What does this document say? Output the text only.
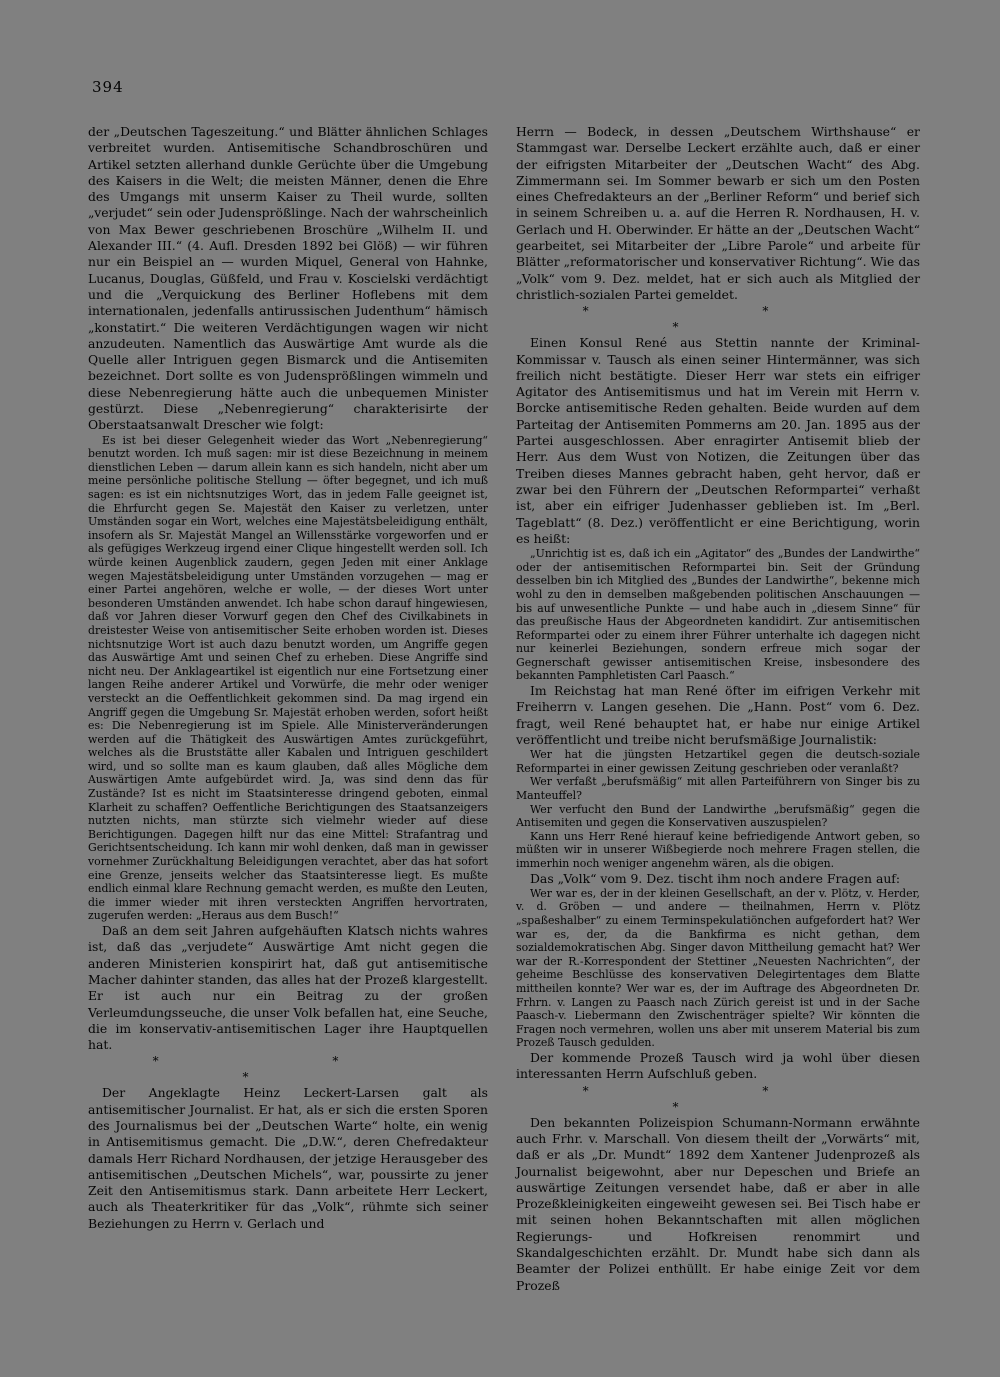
394

der „Deutschen Tageszeitung.“ und Blätter ähnlichen Schlages verbreitet wurden. Antisemitische Schandbroschüren und Artikel setzten allerhand dunkle Gerüchte über die Umgebung des Kaisers in die Welt; die meisten Männer, denen die Ehre des Umgangs mit unserm Kaiser zu Theil wurde, sollten „verjudet“ sein oder Judensprößlinge. Nach der wahrscheinlich von Max Bewer geschriebenen Broschüre „Wilhelm II. und Alexander III.“ (4. Aufl. Dresden 1892 bei Glöß) — wir führen nur ein Beispiel an — wurden Miquel, General von Hahnke, Lucanus, Douglas, Güßfeld, und Frau v. Koscielski verdächtigt und die „Verquickung des Berliner Hoflebens mit dem internationalen, jedenfalls antirussischen Judenthum“ hämisch „konstatirt.“ Die weiteren Verdächtigungen wagen wir nicht anzudeuten. Namentlich das Auswärtige Amt wurde als die Quelle aller Intriguen gegen Bismarck und die Antisemiten bezeichnet. Dort sollte es von Judensprößlingen wimmeln und diese Nebenregierung hätte auch die unbequemen Minister gestürzt. Diese „Nebenregierung“ charakterisirte der Oberstaatsanwalt Drescher wie folgt:

Es ist bei dieser Gelegenheit wieder das Wort „Nebenregierung“ benutzt worden. Ich muß sagen: mir ist diese Bezeichnung in meinem dienstlichen Leben — darum allein kann es sich handeln, nicht aber um meine persönliche politische Stellung — öfter begegnet, und ich muß sagen: es ist ein nichtsnutziges Wort, das in jedem Falle geeignet ist, die Ehrfurcht gegen Se. Majestät den Kaiser zu verletzen, unter Umständen sogar ein Wort, welches eine Majestätsbeleidigung enthält, insofern als Sr. Majestät Mangel an Willensstärke vorgeworfen und er als gefügiges Werkzeug irgend einer Clique hingestellt werden soll. Ich würde keinen Augenblick zaudern, gegen Jeden mit einer Anklage wegen Majestätsbeleidigung unter Umständen vorzugehen — mag er einer Partei angehören, welche er wolle, — der dieses Wort unter besonderen Umständen anwendet. Ich habe schon darauf hingewiesen, daß vor Jahren dieser Vorwurf gegen den Chef des Civilkabinets in dreistester Weise von antisemitischer Seite erhoben worden ist. Dieses nichtsnutzige Wort ist auch dazu benutzt worden, um Angriffe gegen das Auswärtige Amt und seinen Chef zu erheben. Diese Angriffe sind nicht neu. Der Anklageartikel ist eigentlich nur eine Fortsetzung einer langen Reihe anderer Artikel und Vorwürfe, die mehr oder weniger versteckt an die Oeffentlichkeit gekommen sind. Da mag irgend ein Angriff gegen die Umgebung Sr. Majestät erhoben werden, sofort heißt es: Die Nebenregierung ist im Spiele. Alle Ministerveränderungen werden auf die Thätigkeit des Auswärtigen Amtes zurückgeführt, welches als die Bruststätte aller Kabalen und Intriguen geschildert wird, und so sollte man es kaum glauben, daß alles Mögliche dem Auswärtigen Amte aufgebürdet wird. Ja, was sind denn das für Zustände? Ist es nicht im Staatsinteresse dringend geboten, einmal Klarheit zu schaffen? Oeffentliche Berichtigungen des Staatsanzeigers nutzten nichts, man stürzte sich vielmehr wieder auf diese Berichtigungen. Dagegen hilft nur das eine Mittel: Strafantrag und Gerichtsentscheidung. Ich kann mir wohl denken, daß man in gewisser vornehmer Zurückhaltung Beleidigungen verachtet, aber das hat sofort eine Grenze, jenseits welcher das Staatsinteresse liegt. Es mußte endlich einmal klare Rechnung gemacht werden, es mußte den Leuten, die immer wieder mit ihren versteckten Angriffen hervortraten, zugerufen werden: „Heraus aus dem Busch!“

Daß an dem seit Jahren aufgehäuften Klatsch nichts wahres ist, daß das „verjudete“ Auswärtige Amt nicht gegen die anderen Ministerien konspirirt hat, daß gut antisemitische Macher dahinter standen, das alles hat der Prozeß klargestellt. Er ist auch nur ein Beitrag zu der großen Verleumdungsseuche, die unser Volk befallen hat, eine Seuche, die im konservativ-antisemitischen Lager ihre Hauptquellen hat.

* * *

Der Angeklagte Heinz Leckert-Larsen galt als antisemitischer Journalist. Er hat, als er sich die ersten Sporen des Journalismus bei der „Deutschen Warte“ holte, ein wenig in Antisemitismus gemacht. Die „D.W.“, deren Chefredakteur damals Herr Richard Nordhausen, der jetzige Herausgeber des antisemitischen „Deutschen Michels“, war, poussirte zu jener Zeit den Antisemitismus stark. Dann arbeitete Herr Leckert, auch als Theaterkritiker für das „Volk“, rühmte sich seiner Beziehungen zu Herrn v. Gerlach und

Herrn — Bodeck, in dessen „Deutschem Wirthshause“ er Stammgast war. Derselbe Leckert erzählte auch, daß er einer der eifrigsten Mitarbeiter der „Deutschen Wacht“ des Abg. Zimmermann sei. Im Sommer bewarb er sich um den Posten eines Chefredakteurs an der „Berliner Reform“ und berief sich in seinem Schreiben u. a. auf die Herren R. Nordhausen, H. v. Gerlach und H. Oberwinder. Er hätte an der „Deutschen Wacht“ gearbeitet, sei Mitarbeiter der „Libre Parole“ und arbeite für Blätter „reformatorischer und konservativer Richtung“. Wie das „Volk“ vom 9. Dez. meldet, hat er sich auch als Mitglied der christlich-sozialen Partei gemeldet.

* * *

Einen Konsul René aus Stettin nannte der Kriminal-Kommissar v. Tausch als einen seiner Hintermänner, was sich freilich nicht bestätigte. Dieser Herr war stets ein eifriger Agitator des Antisemitismus und hat im Verein mit Herrn v. Borcke antisemitische Reden gehalten. Beide wurden auf dem Parteitag der Antisemiten Pommerns am 20. Jan. 1895 aus der Partei ausgeschlossen. Aber enragirter Antisemit blieb der Herr. Aus dem Wust von Notizen, die Zeitungen über das Treiben dieses Mannes gebracht haben, geht hervor, daß er zwar bei den Führern der „Deutschen Reformpartei“ verhaßt ist, aber ein eifriger Judenhasser geblieben ist. Im „Berl. Tageblatt“ (8. Dez.) veröffentlicht er eine Berichtigung, worin es heißt:

„Unrichtig ist es, daß ich ein „Agitator“ des „Bundes der Landwirthe“ oder der antisemitischen Reformpartei bin. Seit der Gründung desselben bin ich Mitglied des „Bundes der Landwirthe“, bekenne mich wohl zu den in demselben maßgebenden politischen Anschauungen — bis auf unwesentliche Punkte — und habe auch in „diesem Sinne“ für das preußische Haus der Abgeordneten kandidirt. Zur antisemitischen Reformpartei oder zu einem ihrer Führer unterhalte ich dagegen nicht nur keinerlei Beziehungen, sondern erfreue mich sogar der Gegnerschaft gewisser antisemitischen Kreise, insbesondere des bekannten Pamphletisten Carl Paasch.“

Im Reichstag hat man René öfter im eifrigen Verkehr mit Freiherrn v. Langen gesehen. Die „Hann. Post“ vom 6. Dez. fragt, weil René behauptet hat, er habe nur einige Artikel veröffentlicht und treibe nicht berufsmäßige Journalistik:

Wer hat die jüngsten Hetzartikel gegen die deutsch-soziale Reformpartei in einer gewissen Zeitung geschrieben oder veranlaßt?

Wer verfaßt „berufsmäßig“ mit allen Parteiführern von Singer bis zu Manteuffel?

Wer verfucht den Bund der Landwirthe „berufsmäßig“ gegen die Antisemiten und gegen die Konservativen auszuspielen?

Kann uns Herr René hierauf keine befriedigende Antwort geben, so müßten wir in unserer Wißbegierde noch mehrere Fragen stellen, die immerhin noch weniger angenehm wären, als die obigen.

Das „Volk“ vom 9. Dez. tischt ihm noch andere Fragen auf:

Wer war es, der in der kleinen Gesellschaft, an der v. Plötz, v. Herder, v. d. Gröben — und andere — theilnahmen, Herrn v. Plötz „spaßeshalber“ zu einem Terminspekulatiönchen aufgefordert hat? Wer war es, der, da die Bankfirma es nicht gethan, dem sozialdemokratischen Abg. Singer davon Mittheilung gemacht hat? Wer war der R.-Korrespondent der Stettiner „Neuesten Nachrichten“, der geheime Beschlüsse des konservativen Delegirtentages dem Blatte mittheilen konnte? Wer war es, der im Auftrage des Abgeordneten Dr. Frhrn. v. Langen zu Paasch nach Zürich gereist ist und in der Sache Paasch-v. Liebermann den Zwischenträger spielte? Wir könnten die Fragen noch vermehren, wollen uns aber mit unserem Material bis zum Prozeß Tausch gedulden.

Der kommende Prozeß Tausch wird ja wohl über diesen interessanten Herrn Aufschluß geben.

* * *

Den bekannten Polizeispion Schumann-Normann erwähnte auch Frhr. v. Marschall. Von diesem theilt der „Vorwärts“ mit, daß er als „Dr. Mundt“ 1892 dem Xantener Judenprozeß als Journalist beigewohnt, aber nur Depeschen und Briefe an auswärtige Zeitungen versendet habe, daß er aber in alle Prozeßkleinigkeiten eingeweiht gewesen sei. Bei Tisch habe er mit seinen hohen Bekanntschaften mit allen möglichen Regierungs- und Hofkreisen renommirt und Skandalgeschichten erzählt. Dr. Mundt habe sich dann als Beamter der Polizei enthüllt. Er habe einige Zeit vor dem Prozeß
